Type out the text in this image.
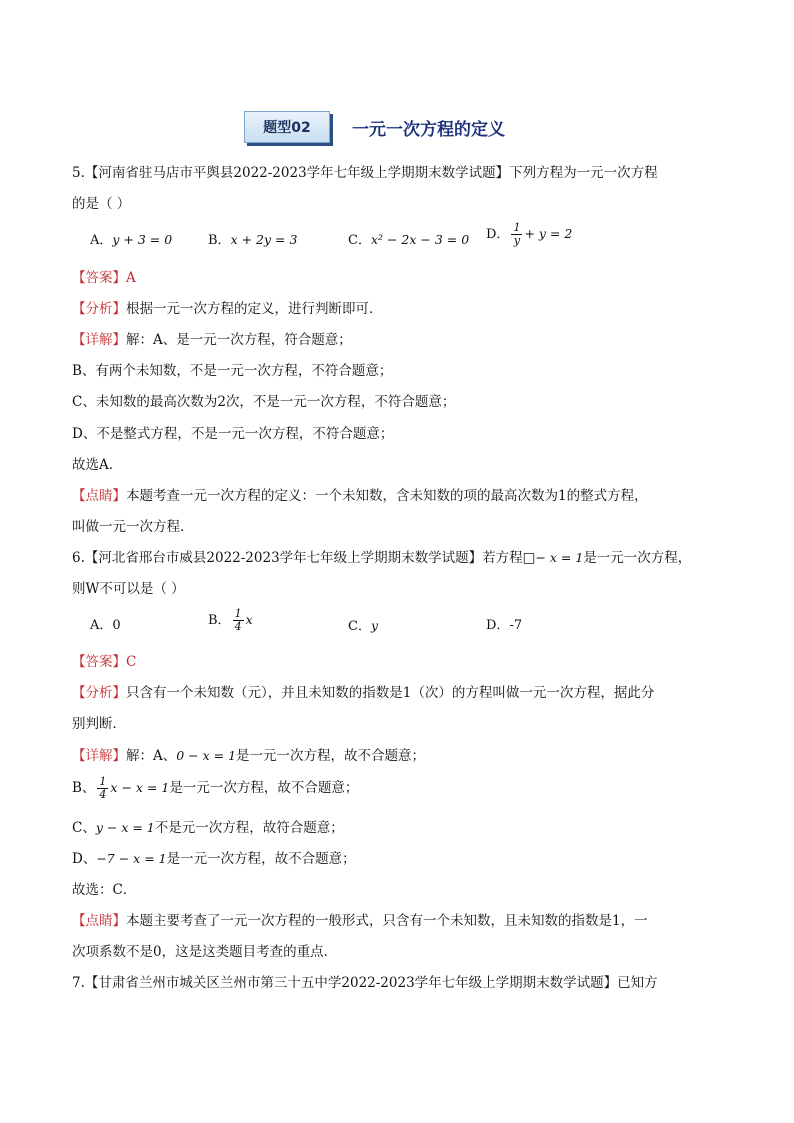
题型02	一元一次方程的定义
5.【河南省驻马店市平舆县2022-2023学年七年级上学期期末数学试题】下列方程为一元一次方程
的是（ ）
A．y + 3 = 0	B．x + 2y = 3	C．x² − 2x − 3 = 0 D． $\frac{1}{y} + y = 2$
【答案】A
【分析】根据一元一次方程的定义，进行判断即可．
【详解】解：A、是一元一次方程，符合题意；
B、有两个未知数，不是一元一次方程，不符合题意；
C、未知数的最高次数为2次，不是一元一次方程，不符合题意；
D、不是整式方程，不是一元一次方程，不符合题意；
故选A．
【点睛】本题考查一元一次方程的定义：一个未知数，含未知数的项的最高次数为1的整式方程，
叫做一元一次方程．
6.【河北省邢台市威县2022-2023学年七年级上学期期末数学试题】若方程□− x = 1是一元一次方程，
则W不可以是（ ）
A．0	B． $\frac{1}{4}$ x	C．y	D．-7
【答案】C
【分析】只含有一个未知数（元），并且未知数的指数是1（次）的方程叫做一元一次方程，据此分
别判断．
【详解】解：A、0 − x = 1是一元一次方程，故不合题意；
B、 $\frac{1}{4}$ x − x = 1是一元一次方程，故不合题意；
C、y − x = 1不是元一次方程，故符合题意；
D、−7 − x = 1是一元一次方程，故不合题意；
故选：C．
【点睛】本题主要考查了一元一次方程的一般形式，只含有一个未知数，且未知数的指数是1，一
次项系数不是0，这是这类题目考查的重点．
7.【甘肃省兰州市城关区兰州市第三十五中学2022-2023学年七年级上学期期末数学试题】已知方
